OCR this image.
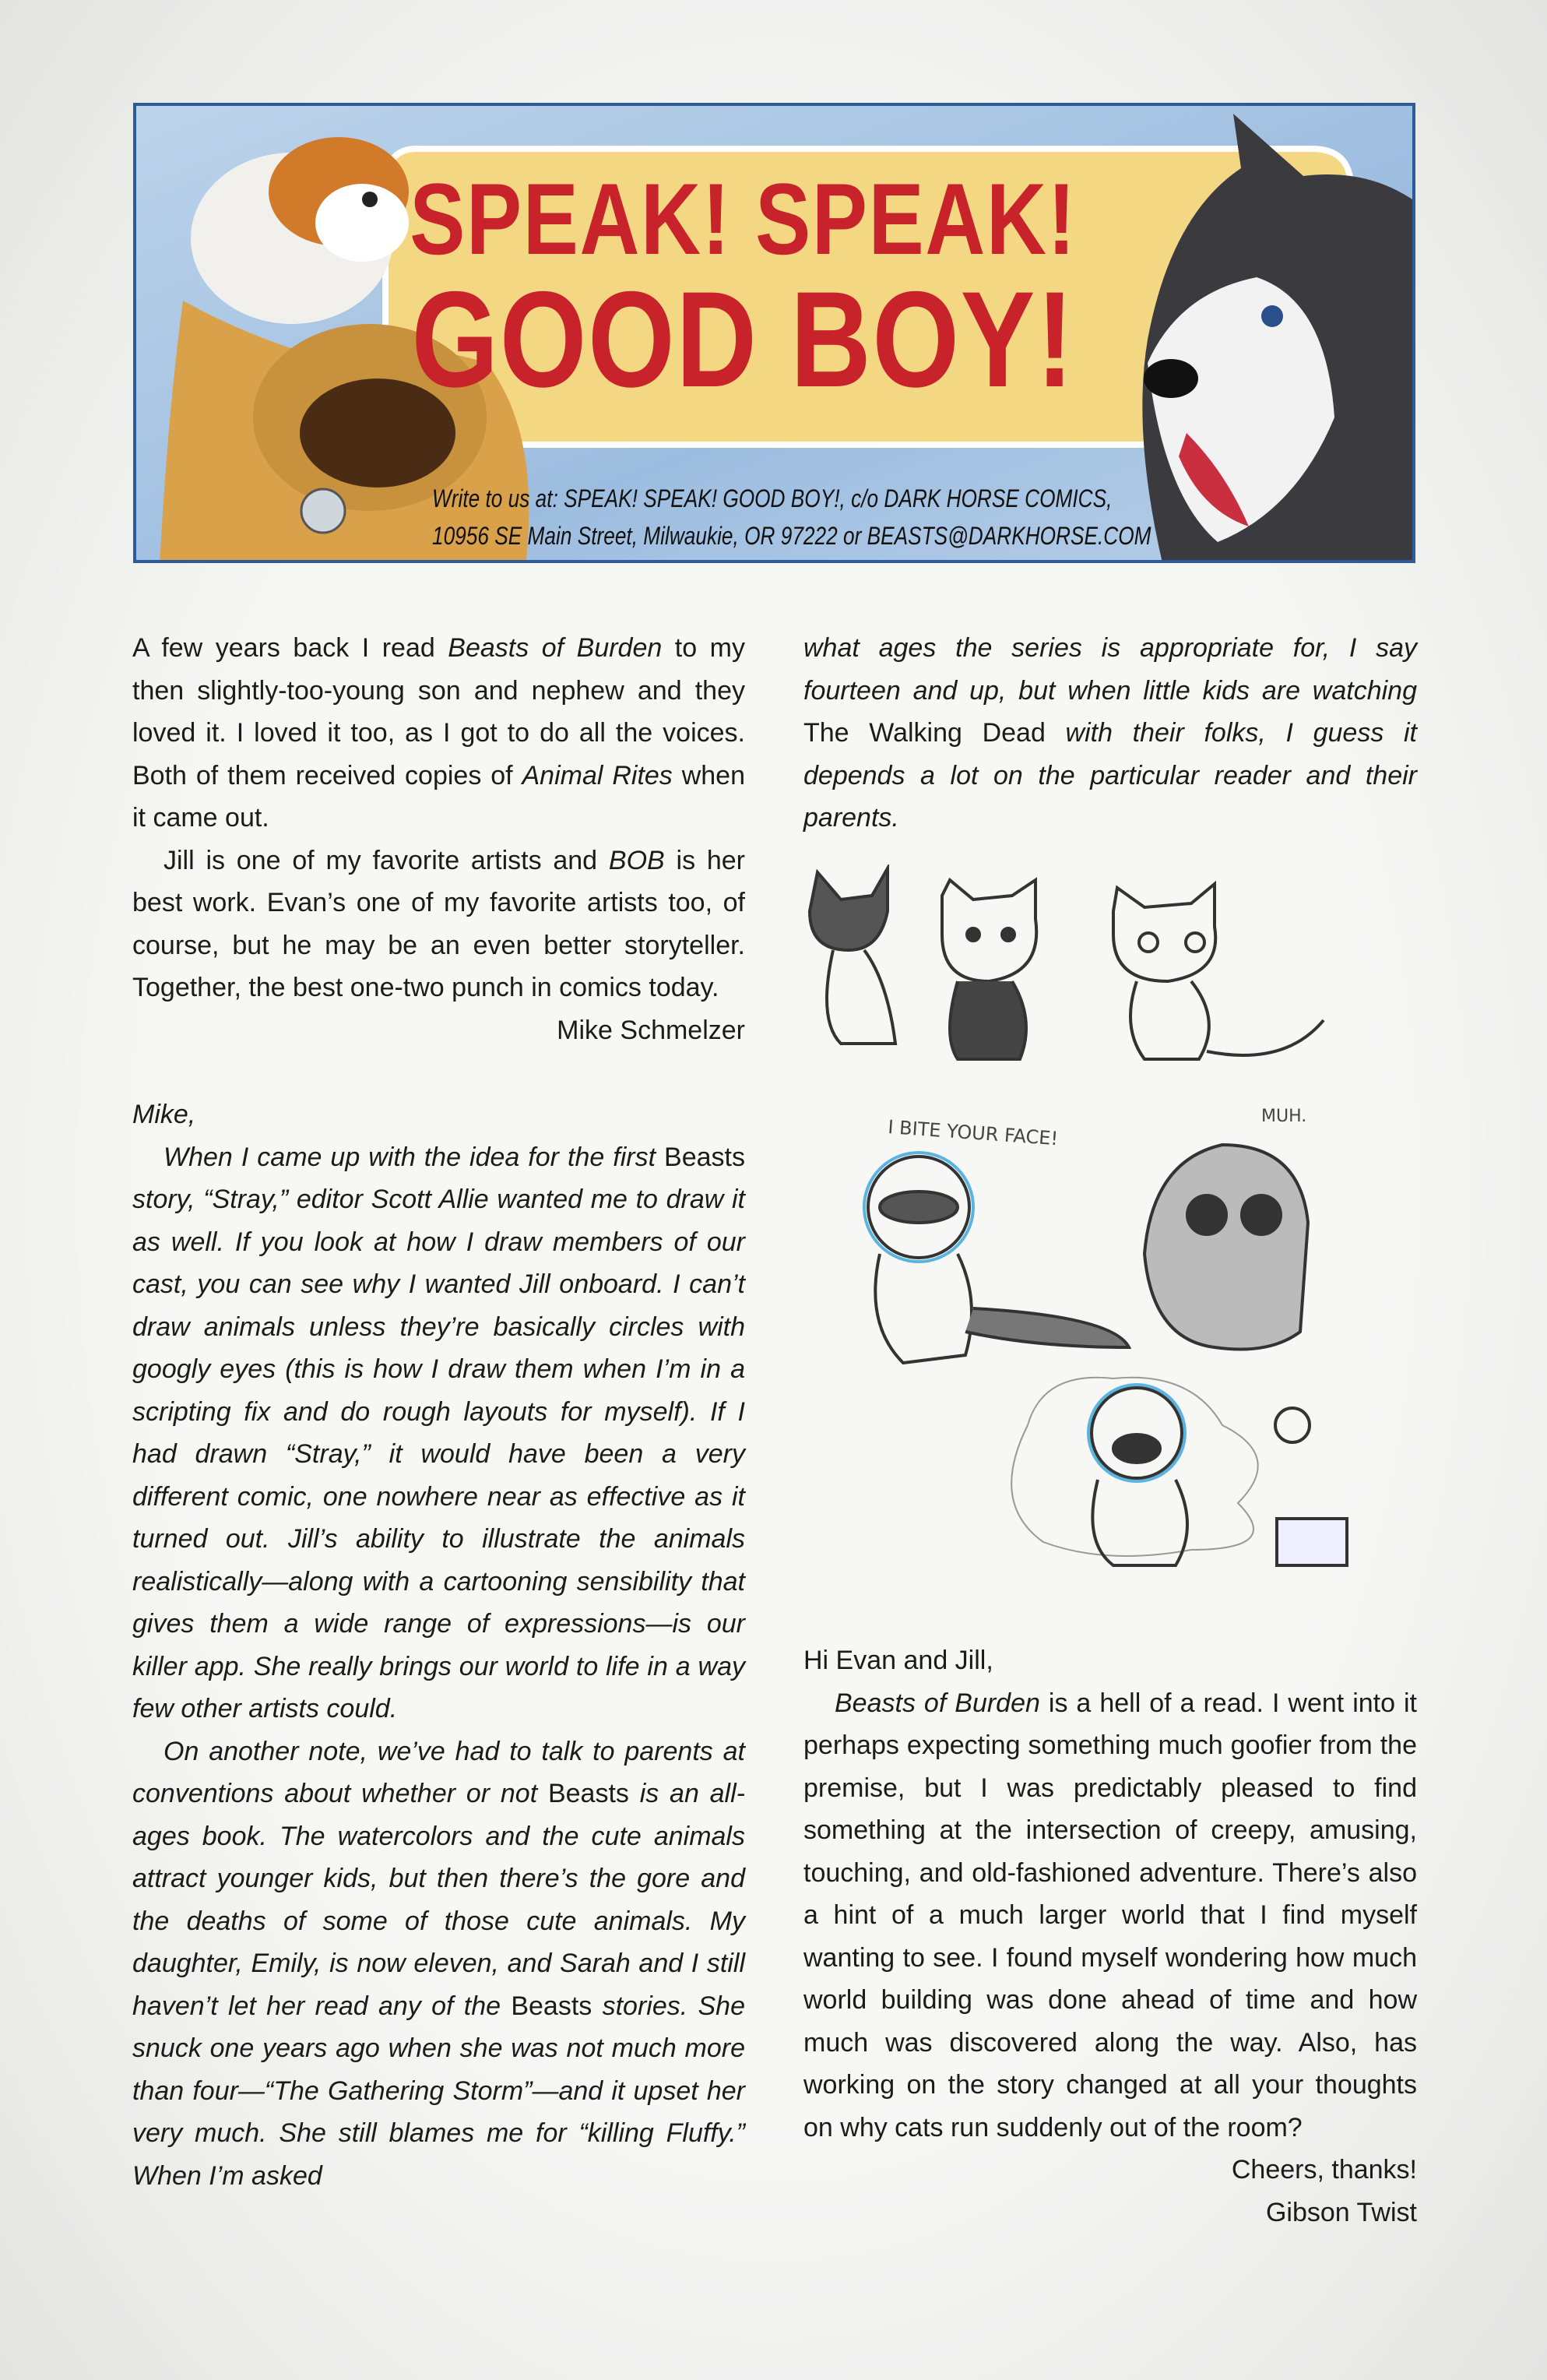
SPEAK! SPEAK!
GOOD BOY!
Write to us at: SPEAK! SPEAK! GOOD BOY!, c/o DARK HORSE COMICS,
10956 SE Main Street, Milwaukie, OR 97222 or BEASTS@DARKHORSE.COM

A few years back I read Beasts of Burden to my then slightly-too-young son and nephew and they loved it. I loved it too, as I got to do all the voices. Both of them received copies of Animal Rites when it came out.

Jill is one of my favorite artists and BOB is her best work. Evan’s one of my favorite artists too, of course, but he may be an even better storyteller. Together, the best one-two punch in comics today.

Mike Schmelzer

Mike,

When I came up with the idea for the first Beasts story, “Stray,” editor Scott Allie wanted me to draw it as well. If you look at how I draw members of our cast, you can see why I wanted Jill onboard. I can’t draw animals unless they’re basically circles with googly eyes (this is how I draw them when I’m in a scripting fix and do rough layouts for myself). If I had drawn “Stray,” it would have been a very different comic, one nowhere near as effective as it turned out. Jill’s ability to illustrate the animals realistically—along with a cartooning sensibility that gives them a wide range of expressions—is our killer app. She really brings our world to life in a way few other artists could.

On another note, we’ve had to talk to parents at conventions about whether or not Beasts is an all-ages book. The watercolors and the cute animals attract younger kids, but then there’s the gore and the deaths of some of those cute animals. My daughter, Emily, is now eleven, and Sarah and I still haven’t let her read any of the Beasts stories. She snuck one years ago when she was not much more than four—“The Gathering Storm”—and it upset her very much. She still blames me for “killing Fluffy.” When I’m asked

what ages the series is appropriate for, I say fourteen and up, but when little kids are watching The Walking Dead with their folks, I guess it depends a lot on the particular reader and their parents.

I BITE YOUR FACE!	MUH.

Hi Evan and Jill,

Beasts of Burden is a hell of a read. I went into it perhaps expecting something much goofier from the premise, but I was predictably pleased to find something at the intersection of creepy, amusing, touching, and old-fashioned adventure. There’s also a hint of a much larger world that I find myself wanting to see. I found myself wondering how much world building was done ahead of time and how much was discovered along the way. Also, has working on the story changed at all your thoughts on why cats run suddenly out of the room?

Cheers, thanks!

Gibson Twist
